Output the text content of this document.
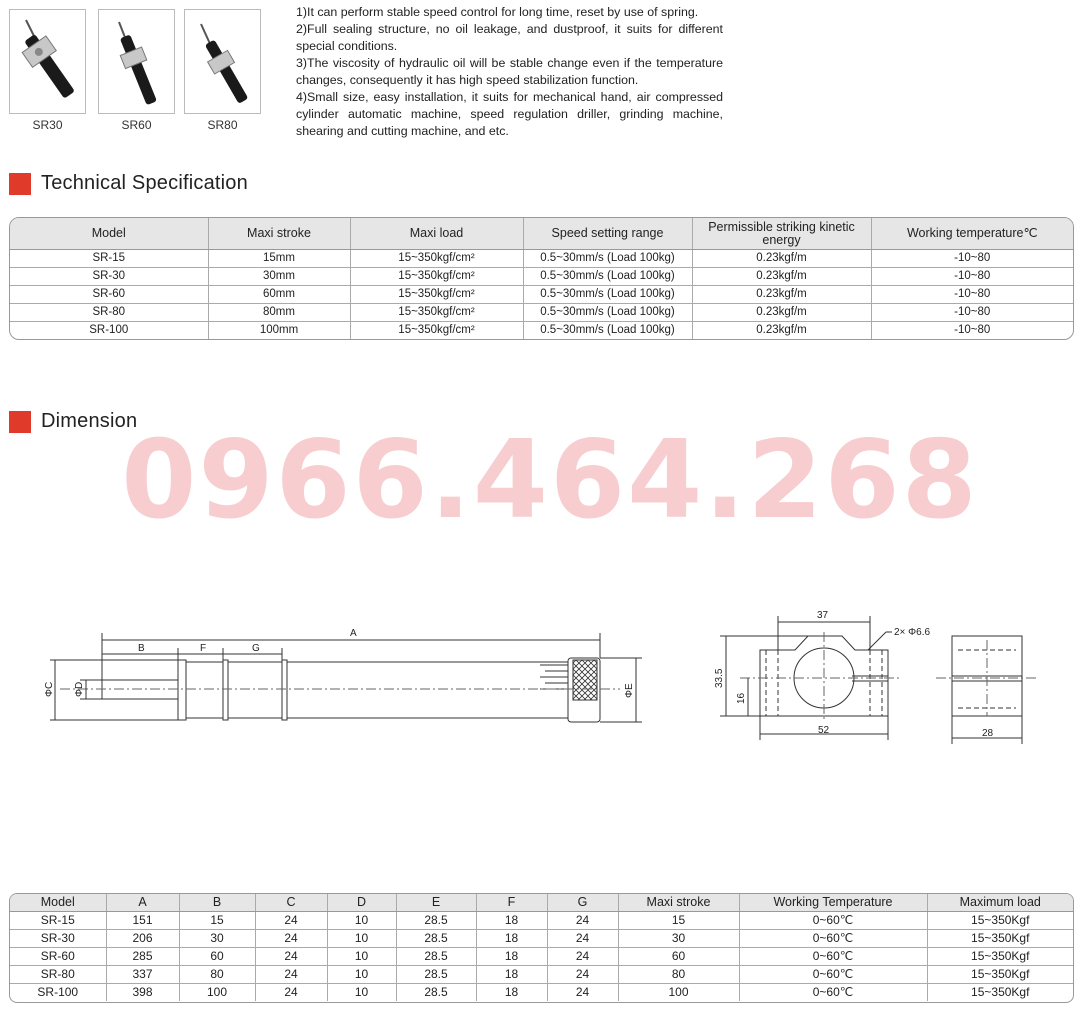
SR30	SR60	SR80

1)It can perform stable speed control for long time, reset by use of spring.

2)Full sealing structure, no oil leakage, and dustproof, it suits for different special conditions.

3)The viscosity of hydraulic oil will be stable change even if the temperature changes, consequently it has high speed stabilization function.

4)Small size, easy installation, it suits for mechanical hand, air compressed cylinder automatic machine, speed regulation driller, grinding machine, shearing and cutting machine, and etc.

Technical Specification
Model	Maxi stroke	Maxi load	Speed setting range	Permissible striking kinetic energy	Working temperature℃
SR-15	15mm	15~350kgf/cm²	0.5~30mm/s (Load 100kg)	0.23kgf/m	-10~80
SR-30	30mm	15~350kgf/cm²	0.5~30mm/s (Load 100kg)	0.23kgf/m	-10~80
SR-60	60mm	15~350kgf/cm²	0.5~30mm/s (Load 100kg)	0.23kgf/m	-10~80
SR-80	80mm	15~350kgf/cm²	0.5~30mm/s (Load 100kg)	0.23kgf/m	-10~80
SR-100	100mm	15~350kgf/cm²	0.5~30mm/s (Load 100kg)	0.23kgf/m	-10~80
Dimension
0966.464.268
A
B	F	G
ΦC ΦD	ΦE
37
2× Φ6.6
33.5
16
52	28
Model	A	B	C	D	E	F	G	Maxi stroke	Working Temperature	Maximum load
SR-15	151	15	24	10	28.5	18	24	15	0~60℃	15~350Kgf
SR-30	206	30	24	10	28.5	18	24	30	0~60℃	15~350Kgf
SR-60	285	60	24	10	28.5	18	24	60	0~60℃	15~350Kgf
SR-80	337	80	24	10	28.5	18	24	80	0~60℃	15~350Kgf
SR-100	398	100	24	10	28.5	18	24	100	0~60℃	15~350Kgf
